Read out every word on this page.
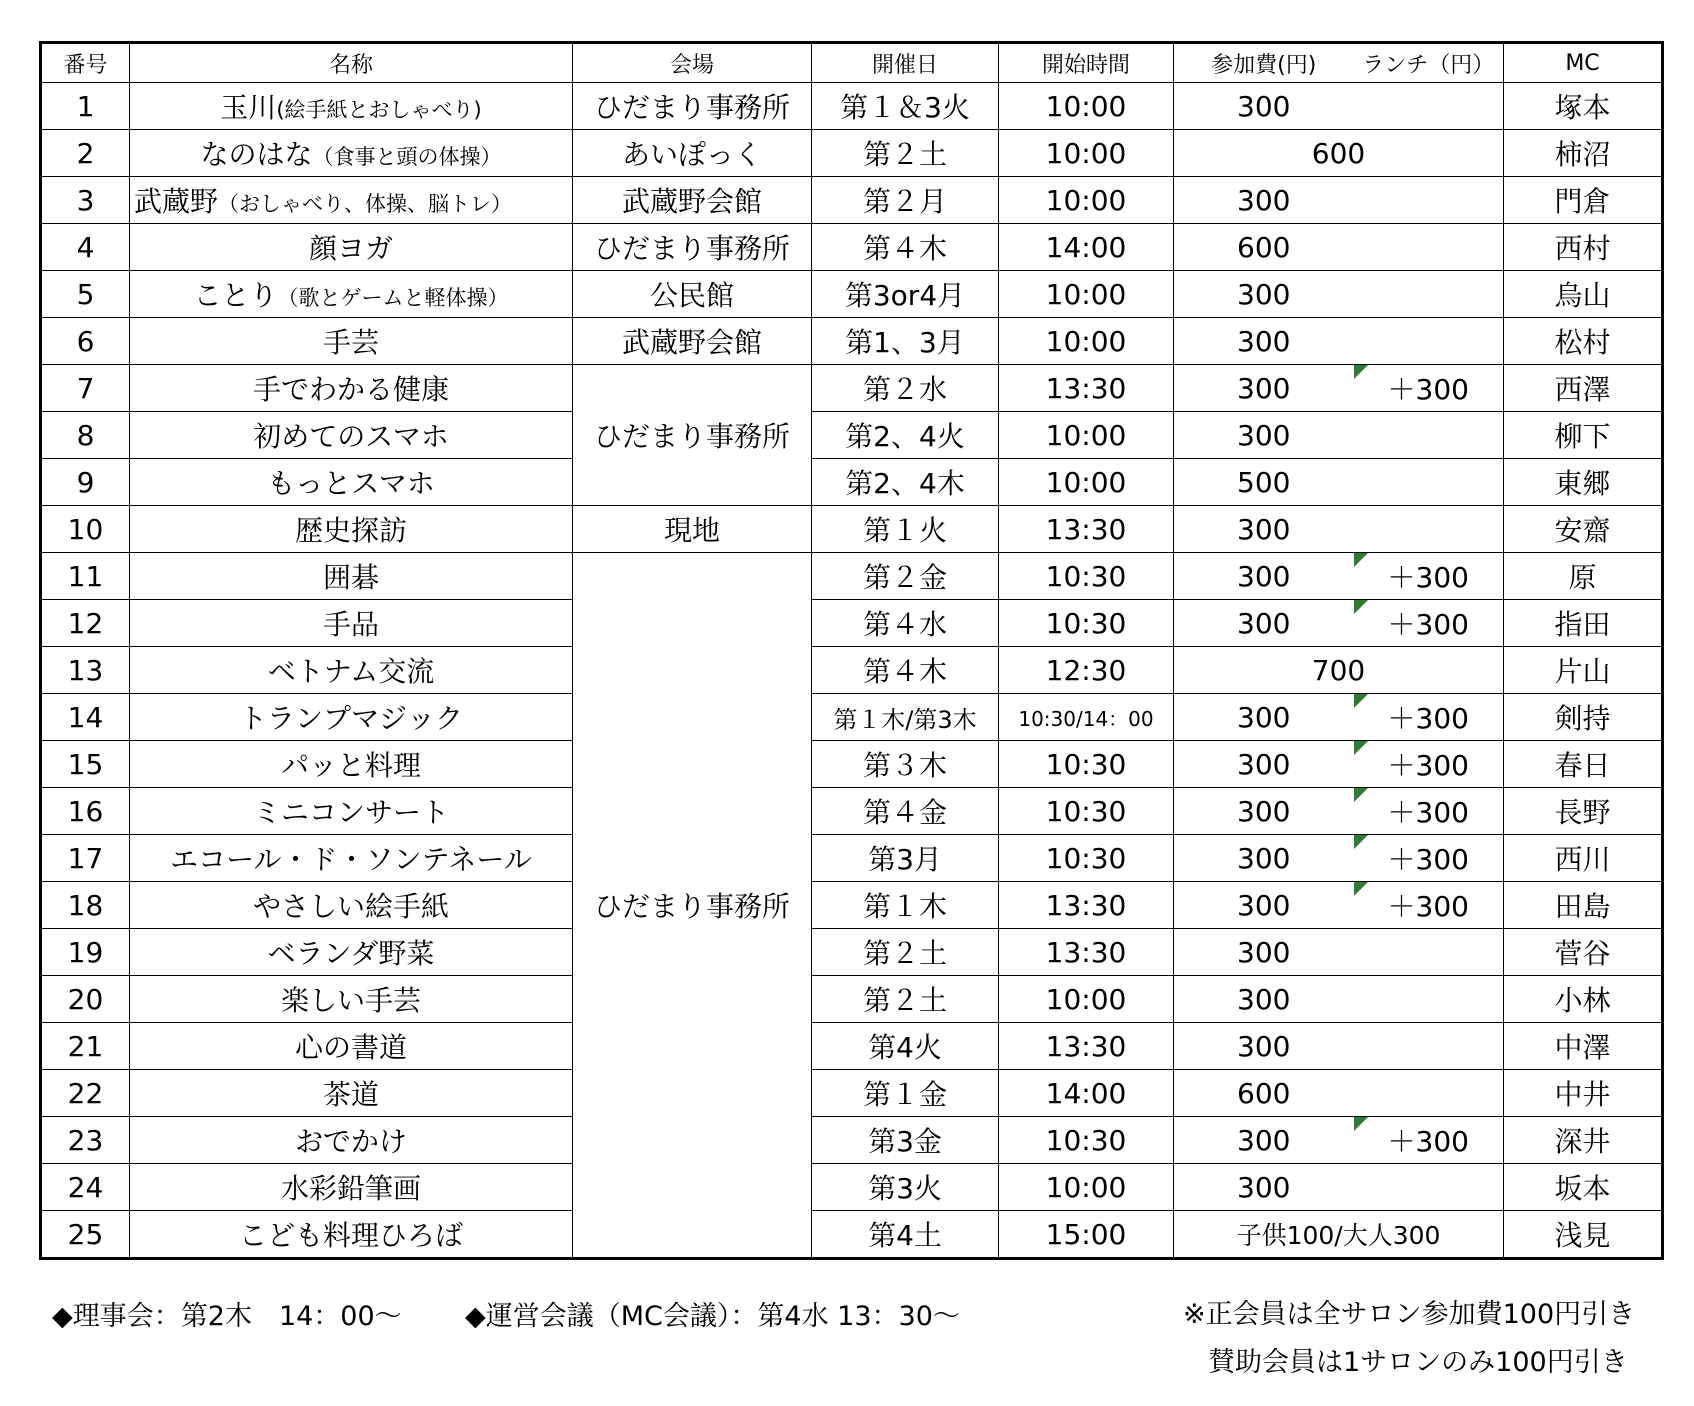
番号	名称	会場	開催日	開始時間	参加費(円)	ランチ（円）	MC
1	玉川(絵手紙とおしゃべり)	ひだまり事務所	第１＆3火	10:00	300		塚本
2	なのはな（食事と頭の体操）	あいぽっく	第２土	10:00	600		柿沼
3	武蔵野（おしゃべり、体操、脳トレ）	武蔵野会館	第２月	10:00	300		門倉
4	顔ヨガ	ひだまり事務所	第４木	14:00	600		西村
5	ことり（歌とゲームと軽体操）	公民館	第3or4月	10:00	300		烏山
6	手芸	武蔵野会館	第1、3月	10:00	300		松村
7	手でわかる健康	ひだまり事務所	第２水	13:30	300	＋300	西澤
8	初めてのスマホ		第2、4火	10:00	300		柳下
9	もっとスマホ		第2、4木	10:00	500		東郷
10	歴史探訪	現地	第１火	13:30	300		安齋
11	囲碁	ひだまり事務所	第２金	10:30	300	＋300	原
12	手品		第４水	10:30	300	＋300	指田
13	ベトナム交流		第４木	12:30	700		片山
14	トランプマジック		第１木/第3木	10:30/14：00	300	＋300	剣持
15	パッと料理		第３木	10:30	300	＋300	春日
16	ミニコンサート		第４金	10:30	300	＋300	長野
17	エコール・ド・ソンテネール		第3月	10:30	300	＋300	西川
18	やさしい絵手紙		第１木	13:30	300	＋300	田島
19	ベランダ野菜		第２土	13:30	300		菅谷
20	楽しい手芸		第２土	10:00	300		小林
21	心の書道		第4火	13:30	300		中澤
22	茶道		第１金	14:00	600		中井
23	おでかけ		第3金	10:30	300	＋300	深井
24	水彩鉛筆画		第3火	10:00	300		坂本
25	こども料理ひろば		第4土	15:00	子供100/大人300		浅見
◆理事会：第2木　14：00～ ◆運営会議（MC会議）：第4水 13：30～	※正会員は全サロン参加費100円引き
賛助会員は1サロンのみ100円引き
